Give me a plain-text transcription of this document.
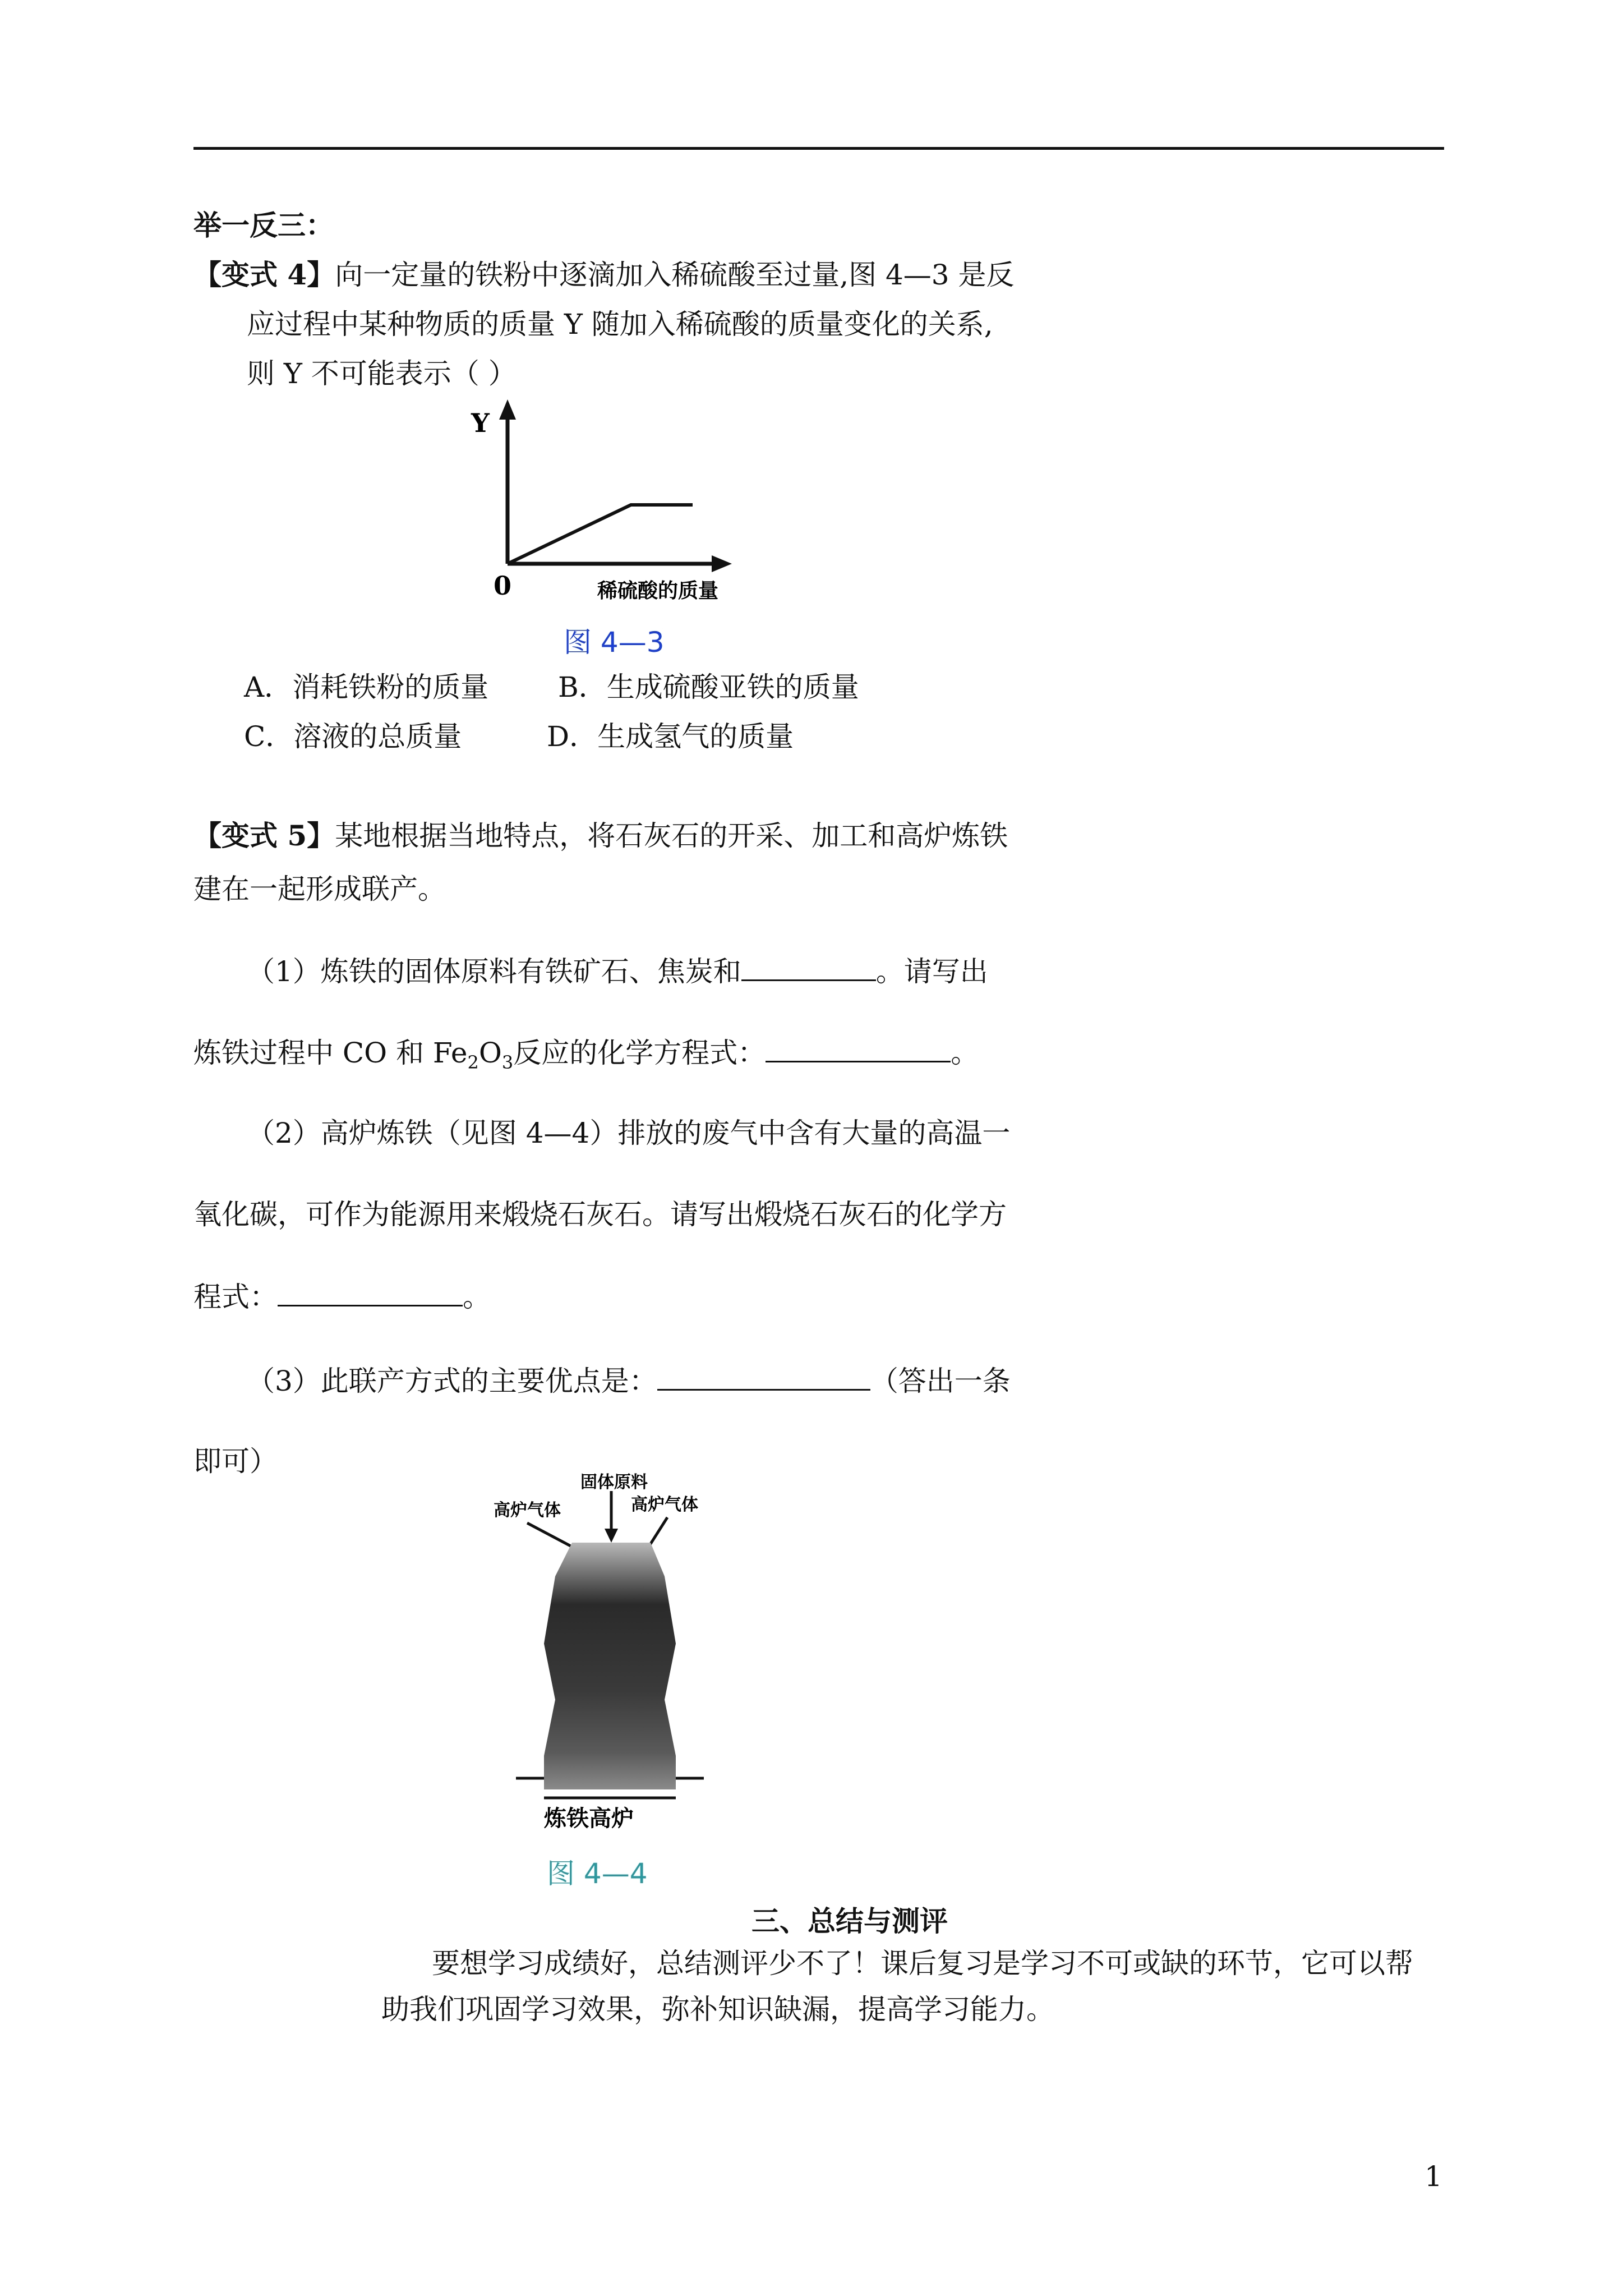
举一反三：
【变式 4】向一定量的铁粉中逐滴加入稀硫酸至过量,图 4—3 是反
应过程中某种物质的质量 Y 随加入稀硫酸的质量变化的关系,
则 Y 不可能表示（ ）
Y
0	稀硫酸的质量
图 4—3
A．消耗铁粉的质量 B．生成硫酸亚铁的质量
C．溶液的总质量	D．生成氢气的质量
【变式 5】某地根据当地特点，将石灰石的开采、加工和高炉炼铁
建在一起形成联产。
（1）炼铁的固体原料有铁矿石、焦炭和	。请写出
炼铁过程中 CO 和 $Fe_2O_3$反应的化学方程式：	。
（2）高炉炼铁（见图 4—4）排放的废气中含有大量的高温一
氧化碳，可作为能源用来煅烧石灰石。请写出煅烧石灰石的化学方
程式：	。
（3）此联产方式的主要优点是：	（答出一条
即可）
固体原料
高炉气体	高炉气体
炼铁高炉
图 4—4
三、总结与测评
要想学习成绩好，总结测评少不了！课后复习是学习不可或缺的环节，它可以帮
助我们巩固学习效果，弥补知识缺漏，提高学习能力。
1
